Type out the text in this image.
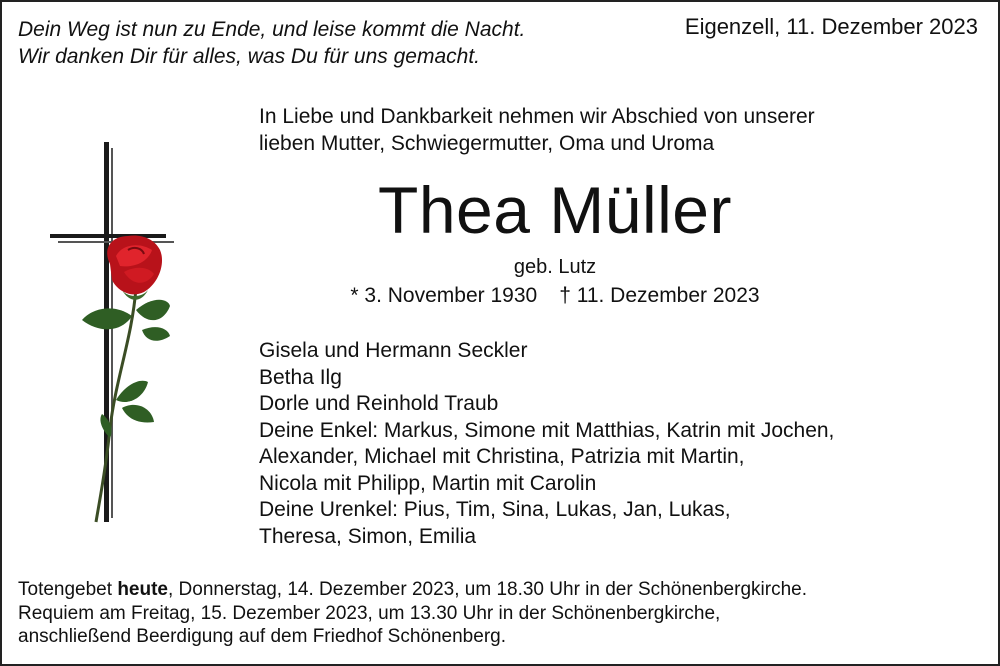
Dein Weg ist nun zu Ende, und leise kommt die Nacht.
Wir danken Dir für alles, was Du für uns gemacht.
Eigenzell, 11. Dezember 2023
In Liebe und Dankbarkeit nehmen wir Abschied von unserer
lieben Mutter, Schwiegermutter, Oma und Uroma
Thea Müller
geb. Lutz
* 3. November 1930 † 11. Dezember 2023
Gisela und Hermann Seckler
Betha Ilg
Dorle und Reinhold Traub
Deine Enkel: Markus, Simone mit Matthias, Katrin mit Jochen,
Alexander, Michael mit Christina, Patrizia mit Martin,
Nicola mit Philipp, Martin mit Carolin
Deine Urenkel: Pius, Tim, Sina, Lukas, Jan, Lukas,
Theresa, Simon, Emilia
Totengebet heute, Donnerstag, 14. Dezember 2023, um 18.30 Uhr in der Schönenbergkirche.
Requiem am Freitag, 15. Dezember 2023, um 13.30 Uhr in der Schönenbergkirche,
anschließend Beerdigung auf dem Friedhof Schönenberg.
